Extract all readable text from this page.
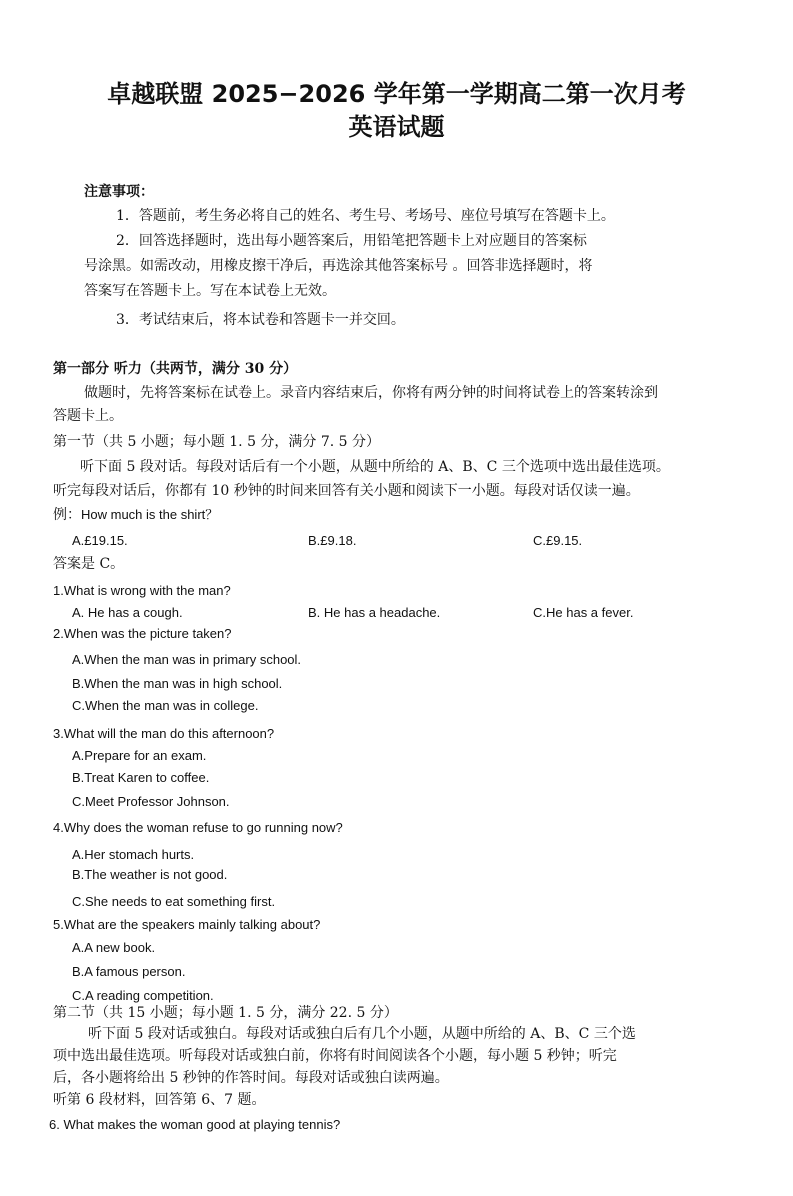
卓越联盟 2025−2026 学年第一学期高二第一次月考
英语试题
注意事项：
1．答题前，考生务必将自己的姓名、考生号、考场号、座位号填写在答题卡上。
2．回答选择题时，选出每小题答案后，用铅笔把答题卡上对应题目的答案标
号涂黑。如需改动，用橡皮擦干净后，再选涂其他答案标号 。回答非选择题时，将
答案写在答题卡上。写在本试卷上无效。
3．考试结束后，将本试卷和答题卡一并交回。
第一部分 听力（共两节，满分 30 分）
做题时，先将答案标在试卷上。录音内容结束后，你将有两分钟的时间将试卷上的答案转涂到
答题卡上。
第一节（共 5 小题；每小题 1. 5 分，满分 7. 5 分）
听下面 5 段对话。每段对话后有一个小题，从题中所给的 A、B、C 三个选项中选出最佳选项。
听完每段对话后，你都有 10 秒钟的时间来回答有关小题和阅读下一小题。每段对话仅读一遍。
例：How much is the shirt？
A.£19.15.	B.£9.18.	C.£9.15.
答案是 C。
1.What is wrong with the man?
A. He has a cough.	B. He has a headache.	C.He has a fever.
2.When was the picture taken?
A.When the man was in primary school.
B.When the man was in high school.
C.When the man was in college.
3.What will the man do this afternoon?
A.Prepare for an exam.
B.Treat Karen to coffee.
C.Meet Professor Johnson.
4.Why does the woman refuse to go running now?
A.Her stomach hurts.
B.The weather is not good.
C.She needs to eat something first.
5.What are the speakers mainly talking about?
A.A new book.
B.A famous person.
C.A reading competition.
第二节（共 15 小题；每小题 1. 5 分，满分 22. 5 分）
听下面 5 段对话或独白。每段对话或独白后有几个小题，从题中所给的 A、B、C 三个选
项中选出最佳选项。听每段对话或独白前，你将有时间阅读各个小题，每小题 5 秒钟；听完
后，各小题将给出 5 秒钟的作答时间。每段对话或独白读两遍。
听第 6 段材料，回答第 6、7 题。
6. What makes the woman good at playing tennis?
